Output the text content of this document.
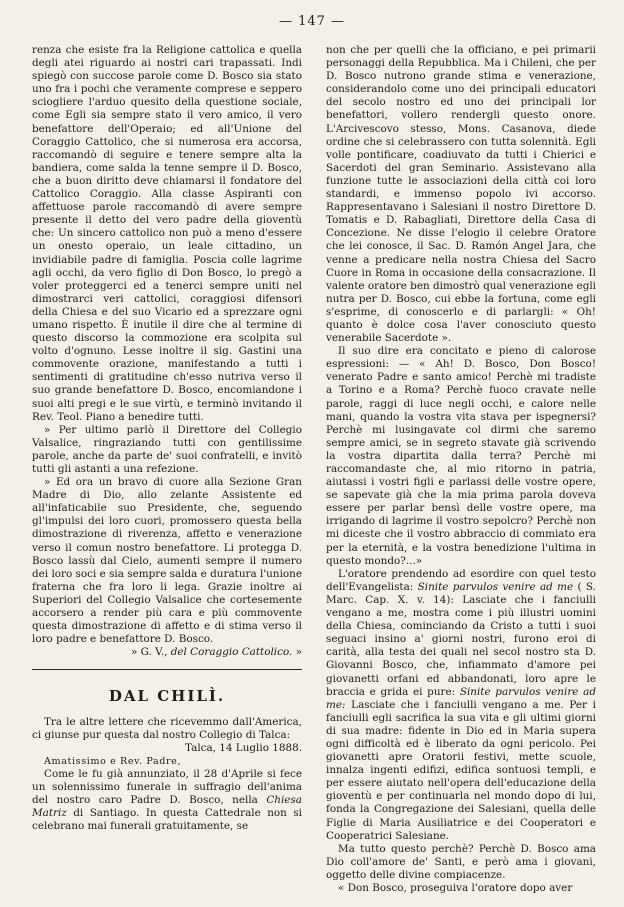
— 147 —

renza che esiste fra la Religione cattolica e quella degli atei riguardo ai nostri cari trapassati. Indi spiegò con succose parole come D. Bosco sia stato uno fra i pochi che veramente comprese e seppero sciogliere l'arduo quesito della questione sociale, come Egli sia sempre stato il vero amico, il vero benefattore dell'Operaio; ed all'Unione del Coraggio Cattolico, che si numerosa era accorsa, raccomandò di seguire e tenere sempre alta la bandiera, come salda la tenne sempre il D. Bosco, che a buon diritto deve chiamarsi il fondatore del Cattolico Coraggio. Alla classe Aspiranti con affettuose parole raccomandò di avere sempre presente il detto del vero padre della gioventù che: Un sincero cattolico non può a meno d'essere un onesto operaio, un leale cittadino, un invidiabile padre di famiglia. Poscia colle lagrime agli occhi, da vero figlio di Don Bosco, lo pregò a voler proteggerci ed a tenerci sempre uniti nel dimostrarci veri cattolici, coraggiosi difensori della Chiesa e del suo Vicario ed a sprezzare ogni umano rispetto. È inutile il dire che al termine di questo discorso la commozione era scolpita sul volto d'ognuno. Lesse inoltre il sig. Gastini una commovente orazione, manifestando a tutti i sentimenti di gratitudine ch'esso nutriva verso il suo grande benefattore D. Bosco, encomiandone i suoi alti pregi e le sue virtù, e terminò invitando il Rev. Teol. Piano a benedire tutti.

» Per ultimo parlò il Direttore del Collegio Valsalice, ringraziando tutti con gentilissime parole, anche da parte de' suoi confratelli, e invitò tutti gli astanti a una refezione.

» Ed ora un bravo di cuore alla Sezione Gran Madre di Dio, allo zelante Assistente ed all'infaticabile suo Presidente, che, seguendo gl'impulsi dei loro cuori, promossero questa bella dimostrazione di riverenza, affetto e venerazione verso il comun nostro benefattore. Li protegga D. Bosco lassù dal Cielo, aumenti sempre il numero dei loro soci e sia sempre salda e duratura l'unione fraterna che fra loro li lega. Grazie inoltre ai Superiori del Collegio Valsalice che cortesemente accorsero a render più cara e più commovente questa dimostrazione di affetto e di stima verso il loro padre e benefattore D. Bosco.

» G. V., del Coraggio Cattolico. »

DAL CHILÌ.

Tra le altre lettere che ricevemmo dall'America, ci giunse pur questa dal nostro Collegio di Talca:

Talca, 14 Luglio 1888.

Amatissimo e Rev. Padre,

Come le fu già annunziato, il 28 d'Aprile si fece un solennissimo funerale in suffragio dell'anima del nostro caro Padre D. Bosco, nella Chiesa Matriz di Santiago. In questa Cattedrale non si celebrano mai funerali gratuitamente, se

non che per quelli che la officiano, e pei primarii personaggi della Repubblica. Ma i Chileni, che per D. Bosco nutrono grande stima e venerazione, considerandolo come uno dei principali educatori del secolo nostro ed uno dei principali lor benefattori, vollero rendergli questo onore. L'Arcivescovo stesso, Mons. Casanova, diede ordine che si celebrassero con tutta solennità. Egli volle pontificare, coadiuvato da tutti i Chierici e Sacerdoti del gran Seminario. Assistevano alla funzione tutte le associazioni della città coi loro standardi, e immenso popolo ivi accorso. Rappresentavano i Salesiani il nostro Direttore D. Tomatis e D. Rabagliati, Direttore della Casa di Concezione. Ne disse l'elogio il celebre Oratore che lei conosce, il Sac. D. Ramón Angel Jara, che venne a predicare nella nostra Chiesa del Sacro Cuore in Roma in occasione della consacrazione. Il valente oratore ben dimostrò qual venerazione egli nutra per D. Bosco, cui ebbe la fortuna, come egli s'esprime, di conoscerlo e di parlargli: « Oh! quanto è dolce cosa l'aver conosciuto questo venerabile Sacerdote ».

Il suo dire era concitato e pieno di calorose espressioni: — « Ah! D. Bosco, Don Bosco! venerato Padre e santo amico! Perchè mi tradiste a Torino e a Roma? Perchè fuoco cravate nelle parole, raggi di luce negli occhi, e calore nelle mani, quando la vostra vita stava per ispegnersi? Perchè mi lusingavate col dirmi che saremo sempre amici, se in segreto stavate già scrivendo la vostra dipartita dalla terra? Perchè mi raccomandaste che, al mio ritorno in patria, aiutassi i vostri figli e parlassi delle vostre opere, se sapevate già che la mia prima parola doveva essere per parlar bensì delle vostre opere, ma irrigando di lagrime il vostro sepolcro? Perchè non mi diceste che il vostro abbraccio di commiato era per la eternità, e la vostra benedizione l'ultima in questo mondo?...»

L'oratore prendendo ad esordire con quel testo dell'Evangelista: Sinite parvulos venire ad me ( S. Marc. Cap. X. v. 14): Lasciate che i fanciulli vengano a me, mostra come i più illustri uomini della Chiesa, cominciando da Cristo a tutti i suoi seguaci insino a' giorni nostri, furono eroi di carità, alla testa dei quali nel secol nostro sta D. Giovanni Bosco, che, infiammato d'amore pei giovanetti orfani ed abbandonati, loro apre le braccia e grida ei pure: Sinite parvulos venire ad me: Lasciate che i fanciulli vengano a me. Per i fanciulli egli sacrifica la sua vita e gli ultimi giorni di sua madre: fidente in Dio ed in Maria supera ogni difficoltà ed è liberato da ogni pericolo. Pei giovanetti apre Oratorii festivi, mette scuole, innalza ingenti edifizi, edifica sontuosi templi, e per essere aiutato nell'opera dell'educazione della gioventù e per continuarla nel mondo dopo di lui, fonda la Congregazione dei Salesiani, quella delle Figlie di Maria Ausiliatrice e dei Cooperatori e Cooperatrici Salesiane.

Ma tutto questo perchè? Perchè D. Bosco ama Dio coll'amore de' Santi, e però ama i giovani, oggetto delle divine compiacenze.

« Don Bosco, proseguiva l'oratore dopo aver
